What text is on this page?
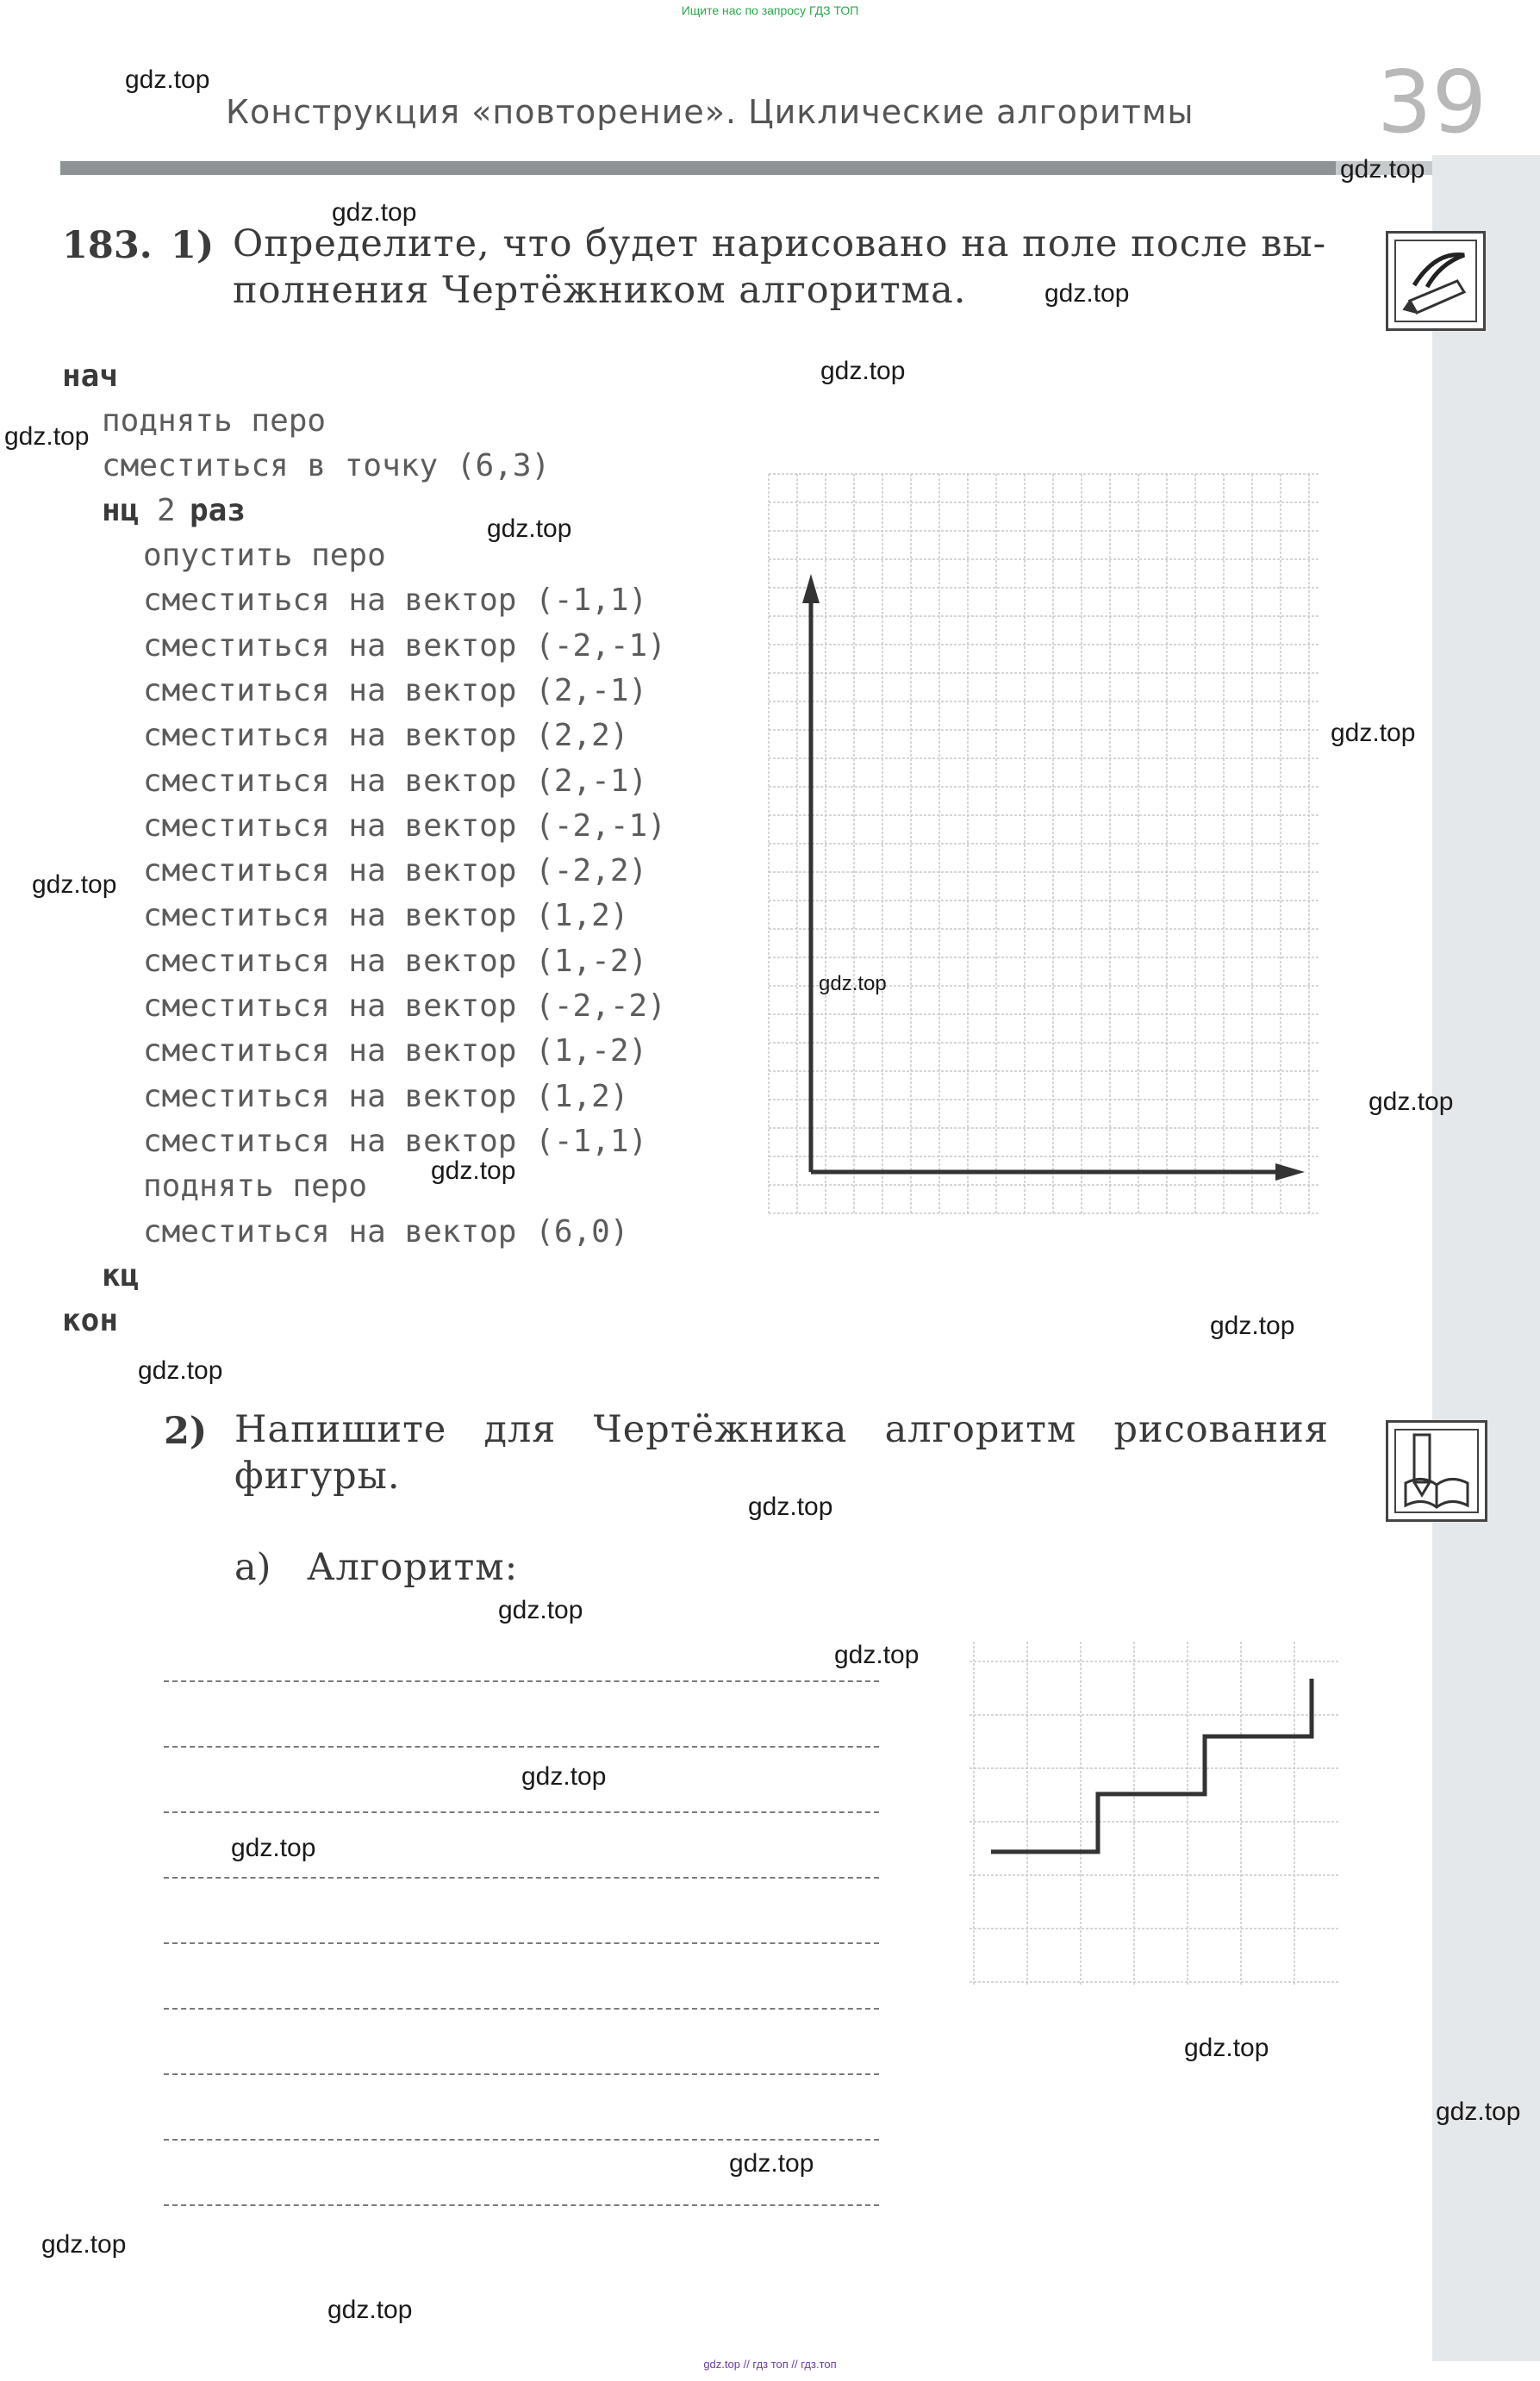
Ищите нас по запросу ГДЗ ТОП
Конструкция «повторение». Циклические алгоритмы 39
183. 1) Определите, что будет нарисовано на поле после вы-
полнения Чертёжником алгоритма.
нач
поднять перо
сместиться в точку (6,3)
нц 2 раз
опустить перо
сместиться на вектор (-1,1)
сместиться на вектор (-2,-1)
сместиться на вектор (2,-1)
сместиться на вектор (2,2)
сместиться на вектор (2,-1)
сместиться на вектор (-2,-1)
сместиться на вектор (-2,2)
сместиться на вектор (1,2)
сместиться на вектор (1,-2)
сместиться на вектор (-2,-2)
сместиться на вектор (1,-2)
сместиться на вектор (1,2)
сместиться на вектор (-1,1)
поднять перо
сместиться на вектор (6,0)
кц
кон
2) Напишите для Чертёжника алгоритм рисования
фигуры.
а) Алгоритм:
gdz.top // гдз топ // гдз.топ
gdz.top
gdz.top
gdz.top
gdz.top
gdz.top
gdz.top
gdz.top
gdz.top
gdz.top
gdz.top
gdz.top
gdz.top
gdz.top
gdz.top
gdz.top
gdz.top
gdz.top
gdz.top
gdz.top
gdz.top
gdz.top
gdz.top
gdz.top
gdz.top
